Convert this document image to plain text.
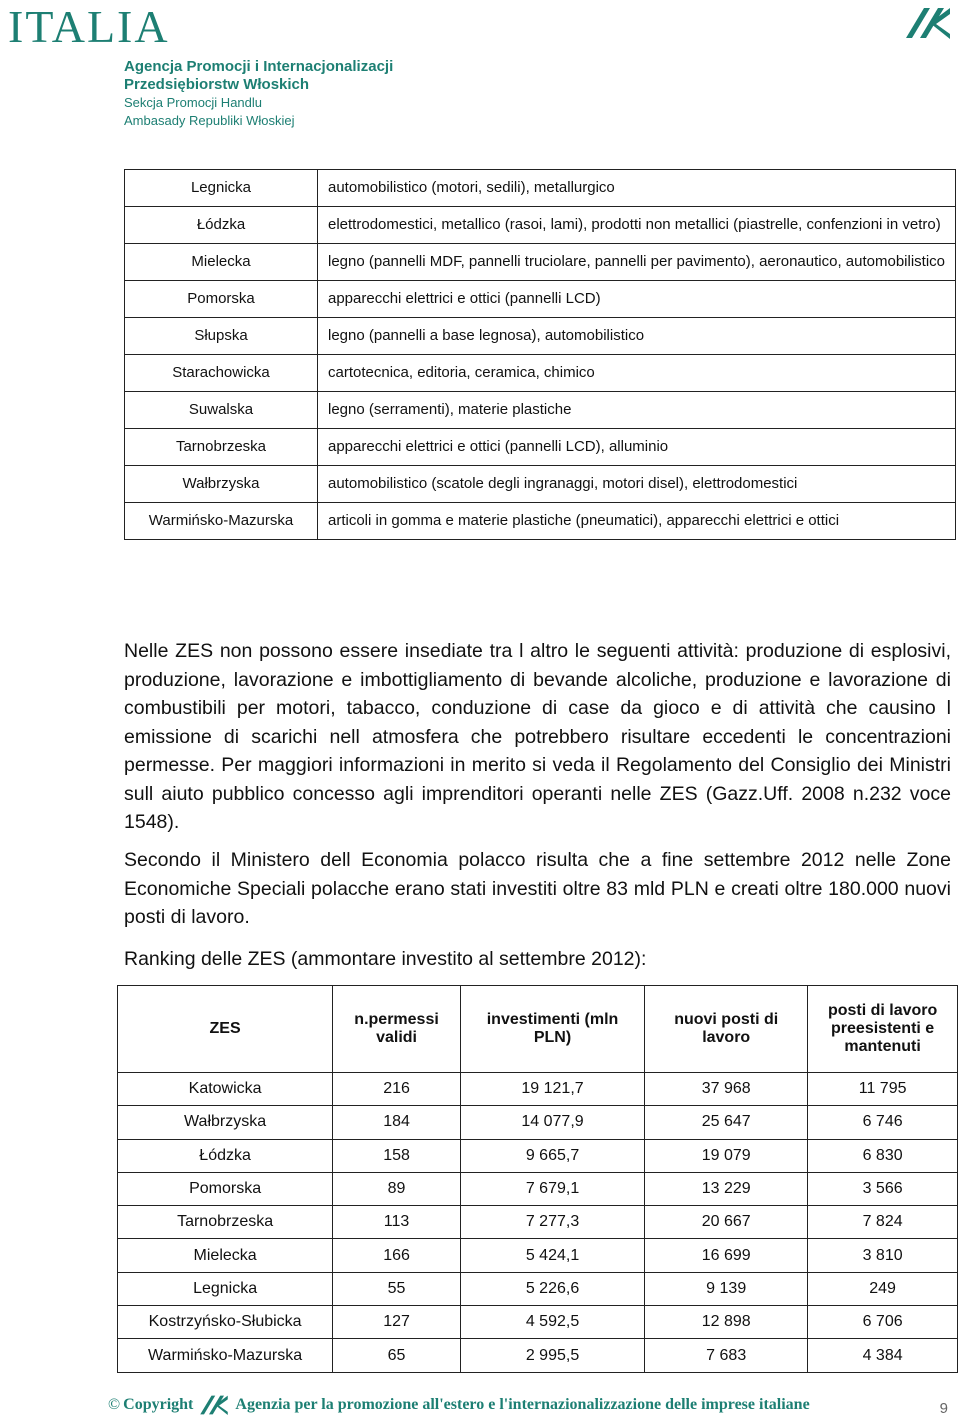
ITALIA
Agencja Promocji i Internacjonalizacji
Przedsiębiorstw Włoskich
Sekcja Promocji Handlu
Ambasady Republiki Włoskiej
Legnicka	automobilistico (motori, sedili), metallurgico
Łódzka	elettrodomestici, metallico (rasoi, lami), prodotti non metallici (piastrelle, confenzioni in vetro)
Mielecka	legno (pannelli MDF, pannelli truciolare, pannelli per pavimento), aeronautico, automobilistico
Pomorska	apparecchi elettrici e ottici (pannelli LCD)
Słupska	legno (pannelli a base legnosa), automobilistico
Starachowicka	cartotecnica, editoria, ceramica, chimico
Suwalska	legno (serramenti), materie plastiche
Tarnobrzeska	apparecchi elettrici e ottici (pannelli LCD), alluminio
Wałbrzyska	automobilistico (scatole degli ingranaggi, motori disel), elettrodomestici
Warmińsko-Mazurska	articoli in gomma e materie plastiche (pneumatici), apparecchi elettrici e ottici
Nelle ZES non possono essere insediate tra l altro le seguenti attività: produzione di esplosivi, produzione, lavorazione e imbottigliamento di bevande alcoliche, produzione e lavorazione di combustibili per motori, tabacco, conduzione di case da gioco e di attività che causino l emissione di scarichi nell atmosfera che potrebbero risultare eccedenti le concentrazioni permesse. Per maggiori informazioni in merito si veda il Regolamento del Consiglio dei Ministri sull aiuto pubblico concesso agli imprenditori operanti nelle ZES (Gazz.Uff. 2008 n.232 voce 1548).
Secondo il Ministero dell Economia polacco risulta che a fine settembre 2012 nelle Zone Economiche Speciali polacche erano stati investiti oltre 83 mld PLN e creati oltre 180.000 nuovi posti di lavoro.
Ranking delle ZES (ammontare investito al settembre 2012):
ZES	n.permessi validi	investimenti (mln PLN)	nuovi posti di lavoro	posti di lavoro preesistenti e mantenuti
Katowicka	216	19 121,7	37 968	11 795
Wałbrzyska	184	14 077,9	25 647	6 746
Łódzka	158	9 665,7	19 079	6 830
Pomorska	89	7 679,1	13 229	3 566
Tarnobrzeska	113	7 277,3	20 667	7 824
Mielecka	166	5 424,1	16 699	3 810
Legnicka	55	5 226,6	9 139	249
Kostrzyńsko-Słubicka	127	4 592,5	12 898	6 706
Warmińsko-Mazurska	65	2 995,5	7 683	4 384
© Copyright	Agenzia per la promozione all'estero e l'internazionalizzazione delle imprese italiane	9
